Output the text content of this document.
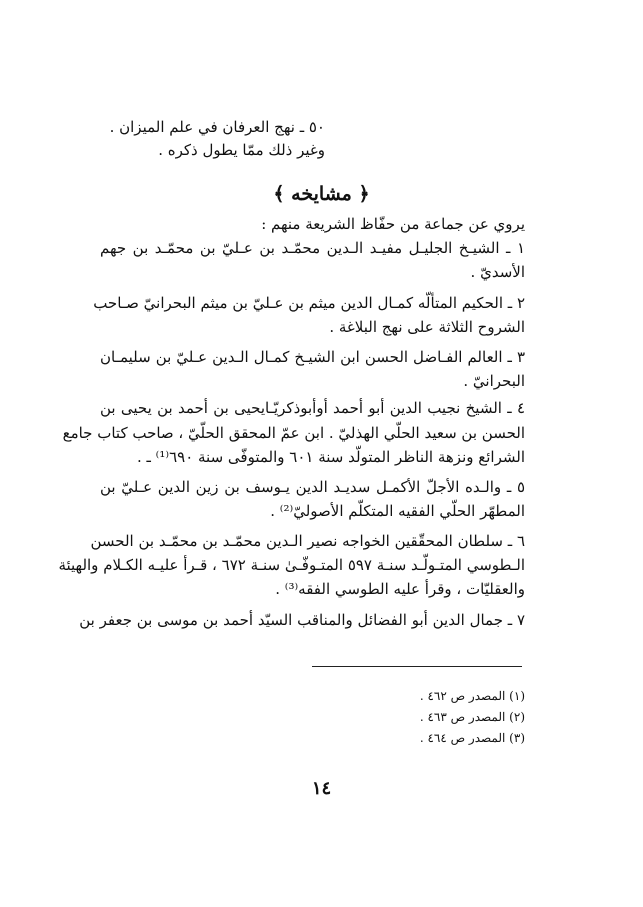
٥٠ ـ نهج العرفان في علم الميزان .
وغير ذلك ممّا يطول ذكره .
﴿ مشايخه ﴾
يروي عن جماعة من حفّاظ الشريعة منهم :
١ ـ الشيـخ الجليـل مفيـد الـدين محمّـد بن عـليّ بن محمّـد بن جهم
الأسديّ .
٢ ـ الحكيم المتألّه كمـال الدين ميثم بن عـليّ بن ميثم البحرانيّ صـاحب
الشروح الثلاثة على نهج البلاغة .
٣ ـ العالم الفـاضل الحسن ابن الشيـخ كمـال الـدين عـليّ بن سليمـان
البحرانيّ .
٤ ـ الشيخ نجيب الدين أبو أحمد أوأبوذكريّـايحيى بن أحمد بن يحيى بن
الحسن بن سعيد الحلّي الهذليّ . ابن عمّ المحقق الحلّيّ ، صاحب كتاب جامع
الشرائع ونزهة الناظر المتولّد سنة ٦٠١ والمتوفّى سنة ٦٩٠⁽¹⁾ ـ .
٥ ـ والـده الأجلّ الأكمـل سديـد الدين يـوسف بن زين الدين عـليّ بن
المطهّر الحلّي الفقيه المتكلّم الأصوليّ⁽²⁾ .
٦ ـ سلطان المحقّقين الخواجه نصير الـدين محمّـد بن محمّـد بن الحسن
الـطوسي المتـولّـد سنـة ٥٩٧ المتـوفّـىٰ سنـة ٦٧٢ ، قـرأ عليـه الكـلام والهيئة
والعقليّات ، وقرأ عليه الطوسي الفقه⁽³⁾ .
٧ ـ جمال الدين أبو الفضائل والمناقب السيّد أحمد بن موسى بن جعفر بن
(١) المصدر ص ٤٦٢ .
(٢) المصدر ص ٤٦٣ .
(٣) المصدر ص ٤٦٤ .
١٤
